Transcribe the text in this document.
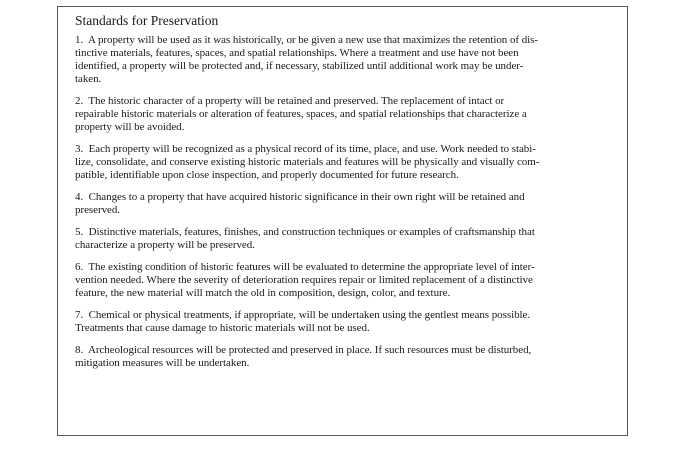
Standards for Preservation
1.  A property will be used as it was historically, or be given a new use that maximizes the retention of dis-
tinctive materials, features, spaces, and spatial relationships. Where a treatment and use have not been
identified, a property will be protected and, if necessary, stabilized until additional work may be under-
taken.
2.  The historic character of a property will be retained and preserved. The replacement of intact or
repairable historic materials or alteration of features, spaces, and spatial relationships that characterize a
property will be avoided.
3.  Each property will be recognized as a physical record of its time, place, and use. Work needed to stabi-
lize, consolidate, and conserve existing historic materials and features will be physically and visually com-
patible, identifiable upon close inspection, and properly documented for future research.
4.  Changes to a property that have acquired historic significance in their own right will be retained and
preserved.
5.  Distinctive materials, features, finishes, and construction techniques or examples of craftsmanship that
characterize a property will be preserved.
6.  The existing condition of historic features will be evaluated to determine the appropriate level of inter-
vention needed. Where the severity of deterioration requires repair or limited replacement of a distinctive
feature, the new material will match the old in composition, design, color, and texture.
7.  Chemical or physical treatments, if appropriate, will be undertaken using the gentlest means possible.
Treatments that cause damage to historic materials will not be used.
8.  Archeological resources will be protected and preserved in place. If such resources must be disturbed,
mitigation measures will be undertaken.
